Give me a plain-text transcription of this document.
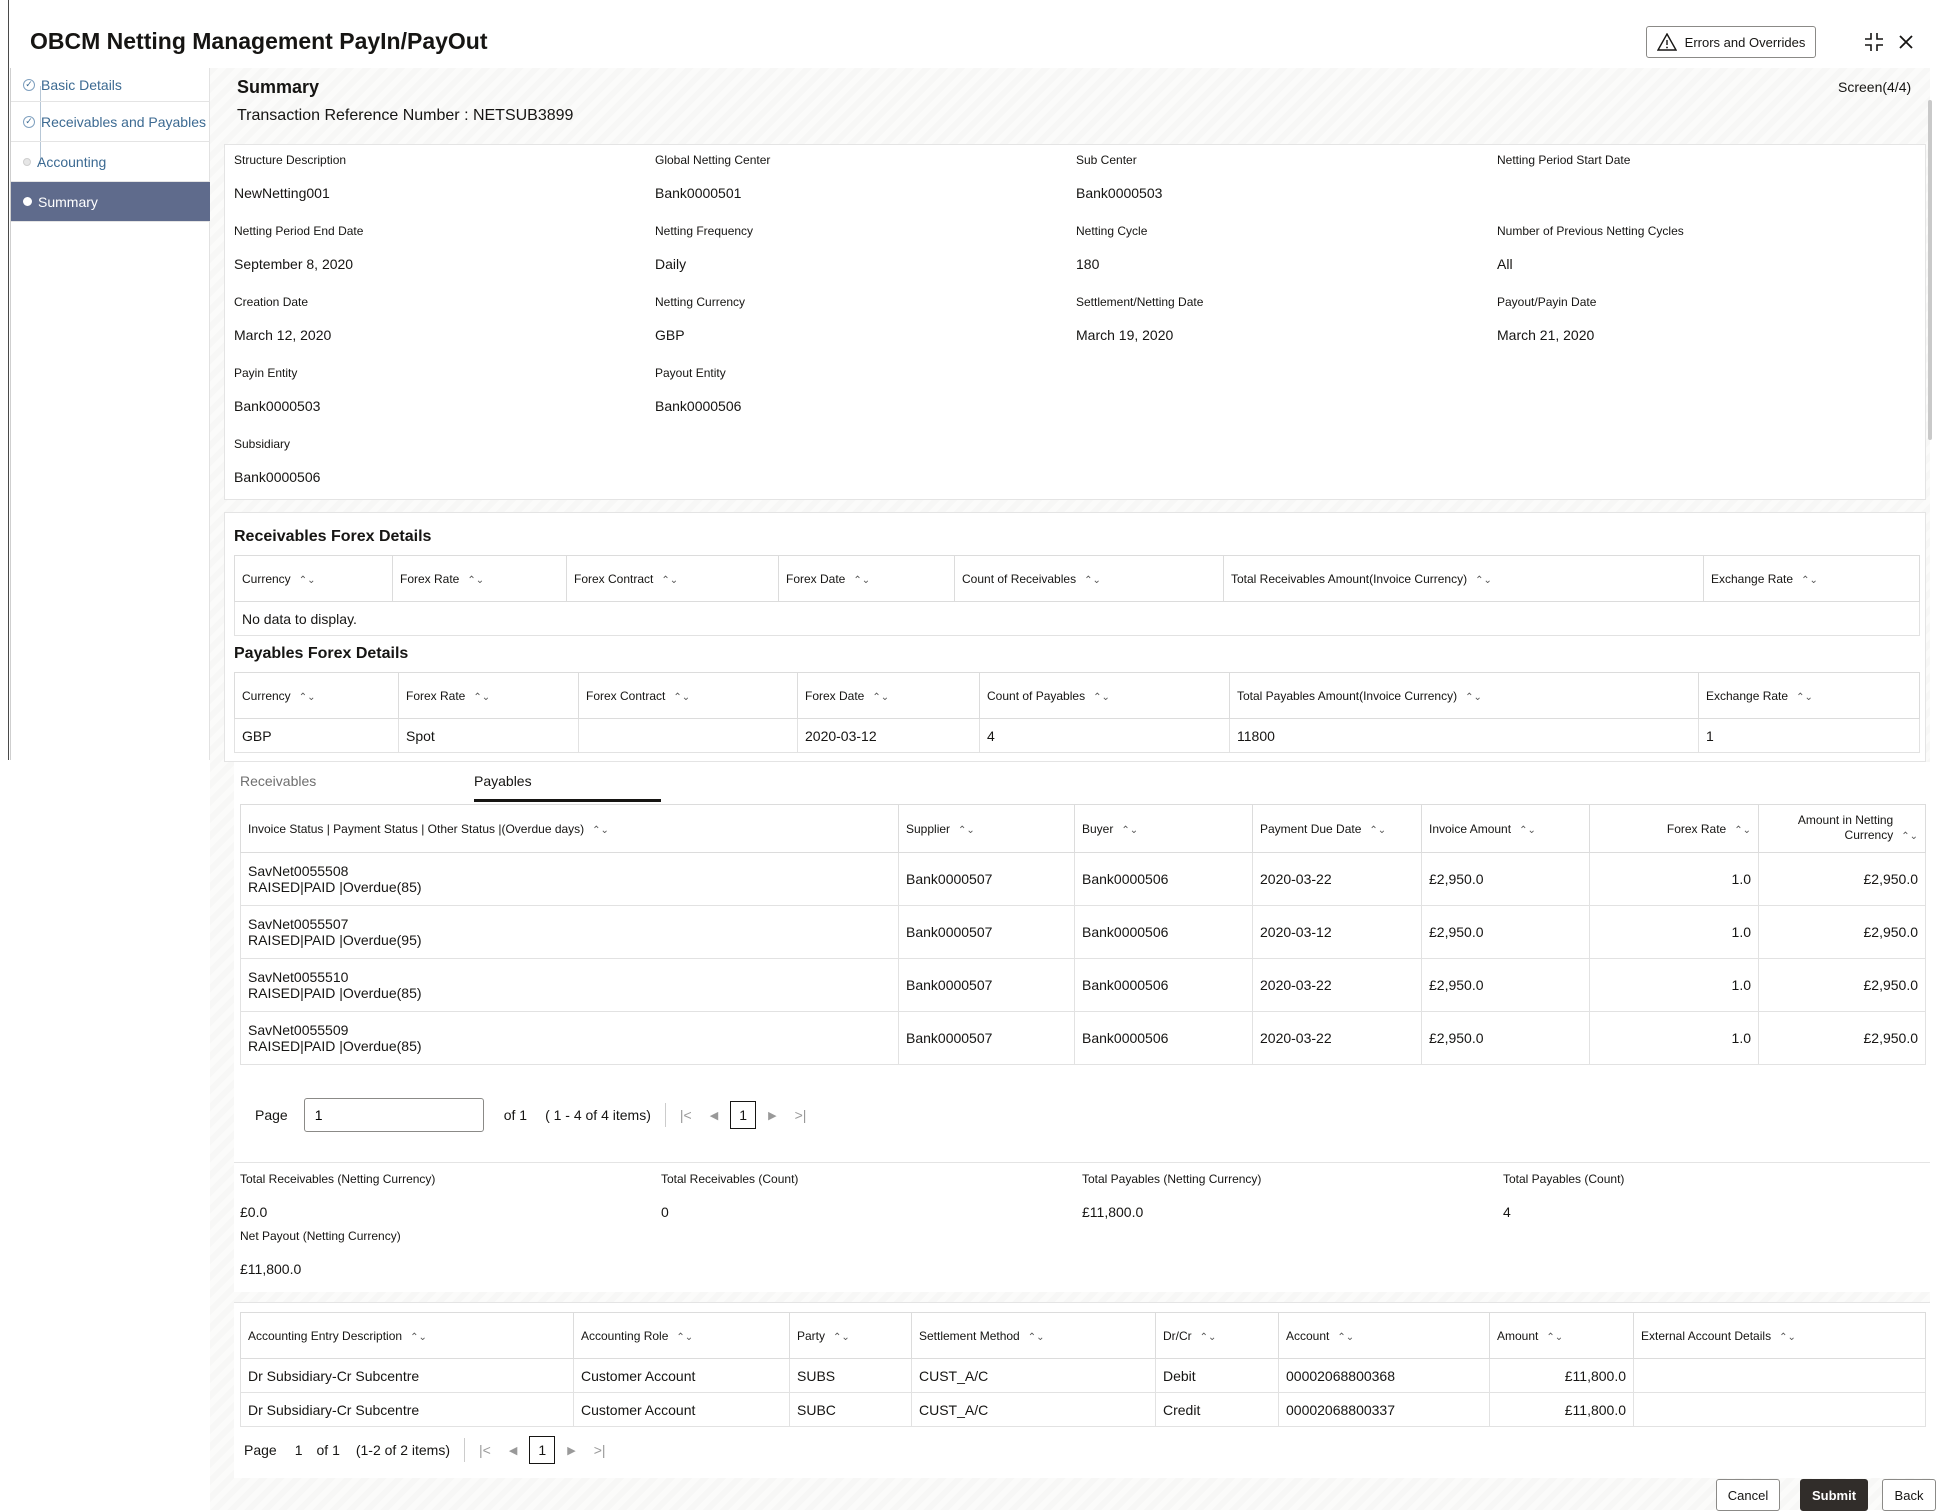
OBCM Netting Management PayIn/PayOut	Errors and Overrides
✓ Basic Details
✓ Receivables and Payables
Accounting
Summary
Summary	Screen(4/4)
Transaction Reference Number : NETSUB3899
Structure Description
NewNetting001
Global Netting Center
Bank0000501
Sub Center
Bank0000503
Netting Period Start Date
Netting Period End Date
September 8, 2020
Netting Frequency
Daily
Netting Cycle
180
Number of Previous Netting Cycles
All
Creation Date
March 12, 2020
Netting Currency
GBP
Settlement/Netting Date
March 19, 2020
Payout/Payin Date
March 21, 2020
Payin Entity
Bank0000503
Payout Entity
Bank0000506
Subsidiary
Bank0000506
Receivables Forex Details
Currency ⌃⌄	Forex Rate ⌃⌄	Forex Contract ⌃⌄	Forex Date ⌃⌄	Count of Receivables ⌃⌄	Total Receivables Amount(Invoice Currency) ⌃⌄	Exchange Rate ⌃⌄
No data to display.
Payables Forex Details
Currency ⌃⌄	Forex Rate ⌃⌄	Forex Contract ⌃⌄	Forex Date ⌃⌄	Count of Payables ⌃⌄	Total Payables Amount(Invoice Currency) ⌃⌄	Exchange Rate ⌃⌄
GBP	Spot		2020-03-12	4	11800	1
Receivables	Payables
Invoice Status | Payment Status | Other Status |(Overdue days) ⌃⌄	Supplier ⌃⌄	Buyer ⌃⌄	Payment Due Date ⌃⌄	Invoice Amount ⌃⌄	Forex Rate ⌃⌄	Amount in Netting Currency ⌃⌄

SavNet0055508
RAISED|PAID |Overdue(85)	Bank0000507	Bank0000506	2020-03-22	£2,950.0	1.0	£2,950.0

SavNet0055507
RAISED|PAID |Overdue(95)	Bank0000507	Bank0000506	2020-03-12	£2,950.0	1.0	£2,950.0

SavNet0055510
RAISED|PAID |Overdue(85)	Bank0000507	Bank0000506	2020-03-22	£2,950.0	1.0	£2,950.0

SavNet0055509
RAISED|PAID |Overdue(85)	Bank0000507	Bank0000506	2020-03-22	£2,950.0	1.0	£2,950.0
Page
1	of 1 ( 1 - 4 of 4 items) |< ◀	1	▶ >|
Total Receivables (Netting Currency)
£0.0
Total Receivables (Count)
0
Total Payables (Netting Currency)
£11,800.0
Total Payables (Count)
4
Net Payout (Netting Currency)
£11,800.0
Accounting Entry Description ⌃⌄	Accounting Role ⌃⌄	Party ⌃⌄	Settlement Method ⌃⌄	Dr/Cr ⌃⌄	Account ⌃⌄	Amount ⌃⌄	External Account Details ⌃⌄
Dr Subsidiary-Cr Subcentre	Customer Account	SUBS	CUST_A/C	Debit	00002068800368	£11,800.0	
Dr Subsidiary-Cr Subcentre	Customer Account	SUBC	CUST_A/C	Credit	00002068800337	£11,800.0	
Page 1 of 1 (1-2 of 2 items) |< ◀	1	▶ >|
Cancel	Submit	Back
